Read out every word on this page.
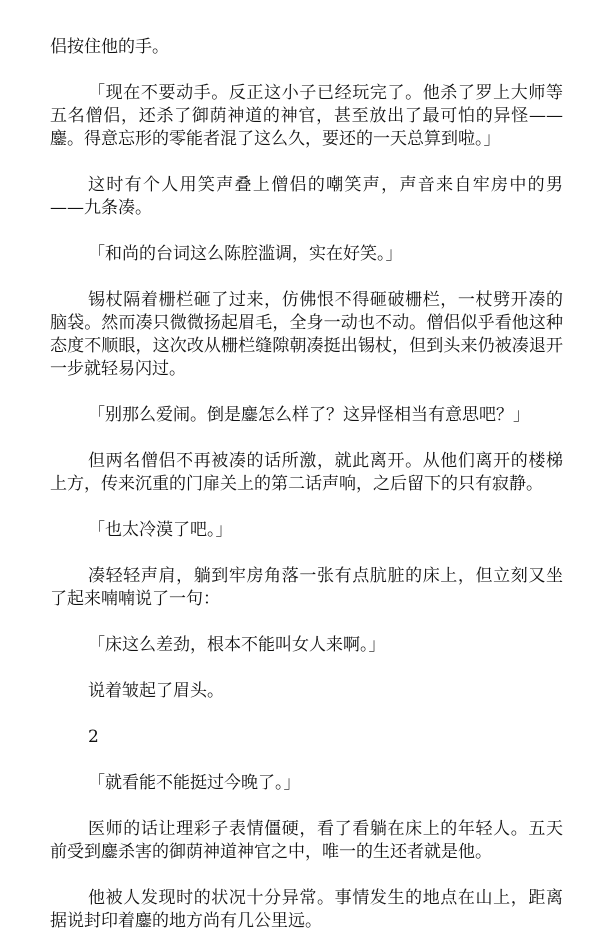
侣按住他的手。

「现在不要动手。反正这小子已经玩完了。他杀了罗上大师等五名僧侣，还杀了御荫神道的神官，甚至放出了最可怕的异怪——鏖。得意忘形的零能者混了这么久，要还的一天总算到啦。」

这时有个人用笑声叠上僧侣的嘲笑声，声音来自牢房中的男——九条凑。

「和尚的台词这么陈腔滥调，实在好笑。」

锡杖隔着栅栏砸了过来，仿佛恨不得砸破栅栏，一杖劈开凑的脑袋。然而凑只微微扬起眉毛，全身一动也不动。僧侣似乎看他这种态度不顺眼，这次改从栅栏缝隙朝凑挺出锡杖，但到头来仍被凑退开一步就轻易闪过。

「别那么爱闹。倒是鏖怎么样了？这异怪相当有意思吧？」

但两名僧侣不再被凑的话所激，就此离开。从他们离开的楼梯上方，传来沉重的门扉关上的第二话声响，之后留下的只有寂静。

「也太冷漠了吧。」

凑轻轻声肩，躺到牢房角落一张有点肮脏的床上，但立刻又坐了起来喃喃说了一句：

「床这么差劲，根本不能叫女人来啊。」

说着皱起了眉头。

2

「就看能不能挺过今晚了。」

医师的话让理彩子表情僵硬，看了看躺在床上的年轻人。五天前受到鏖杀害的御荫神道神官之中，唯一的生还者就是他。

他被人发现时的状况十分异常。事情发生的地点在山上，距离据说封印着鏖的地方尚有几公里远。
